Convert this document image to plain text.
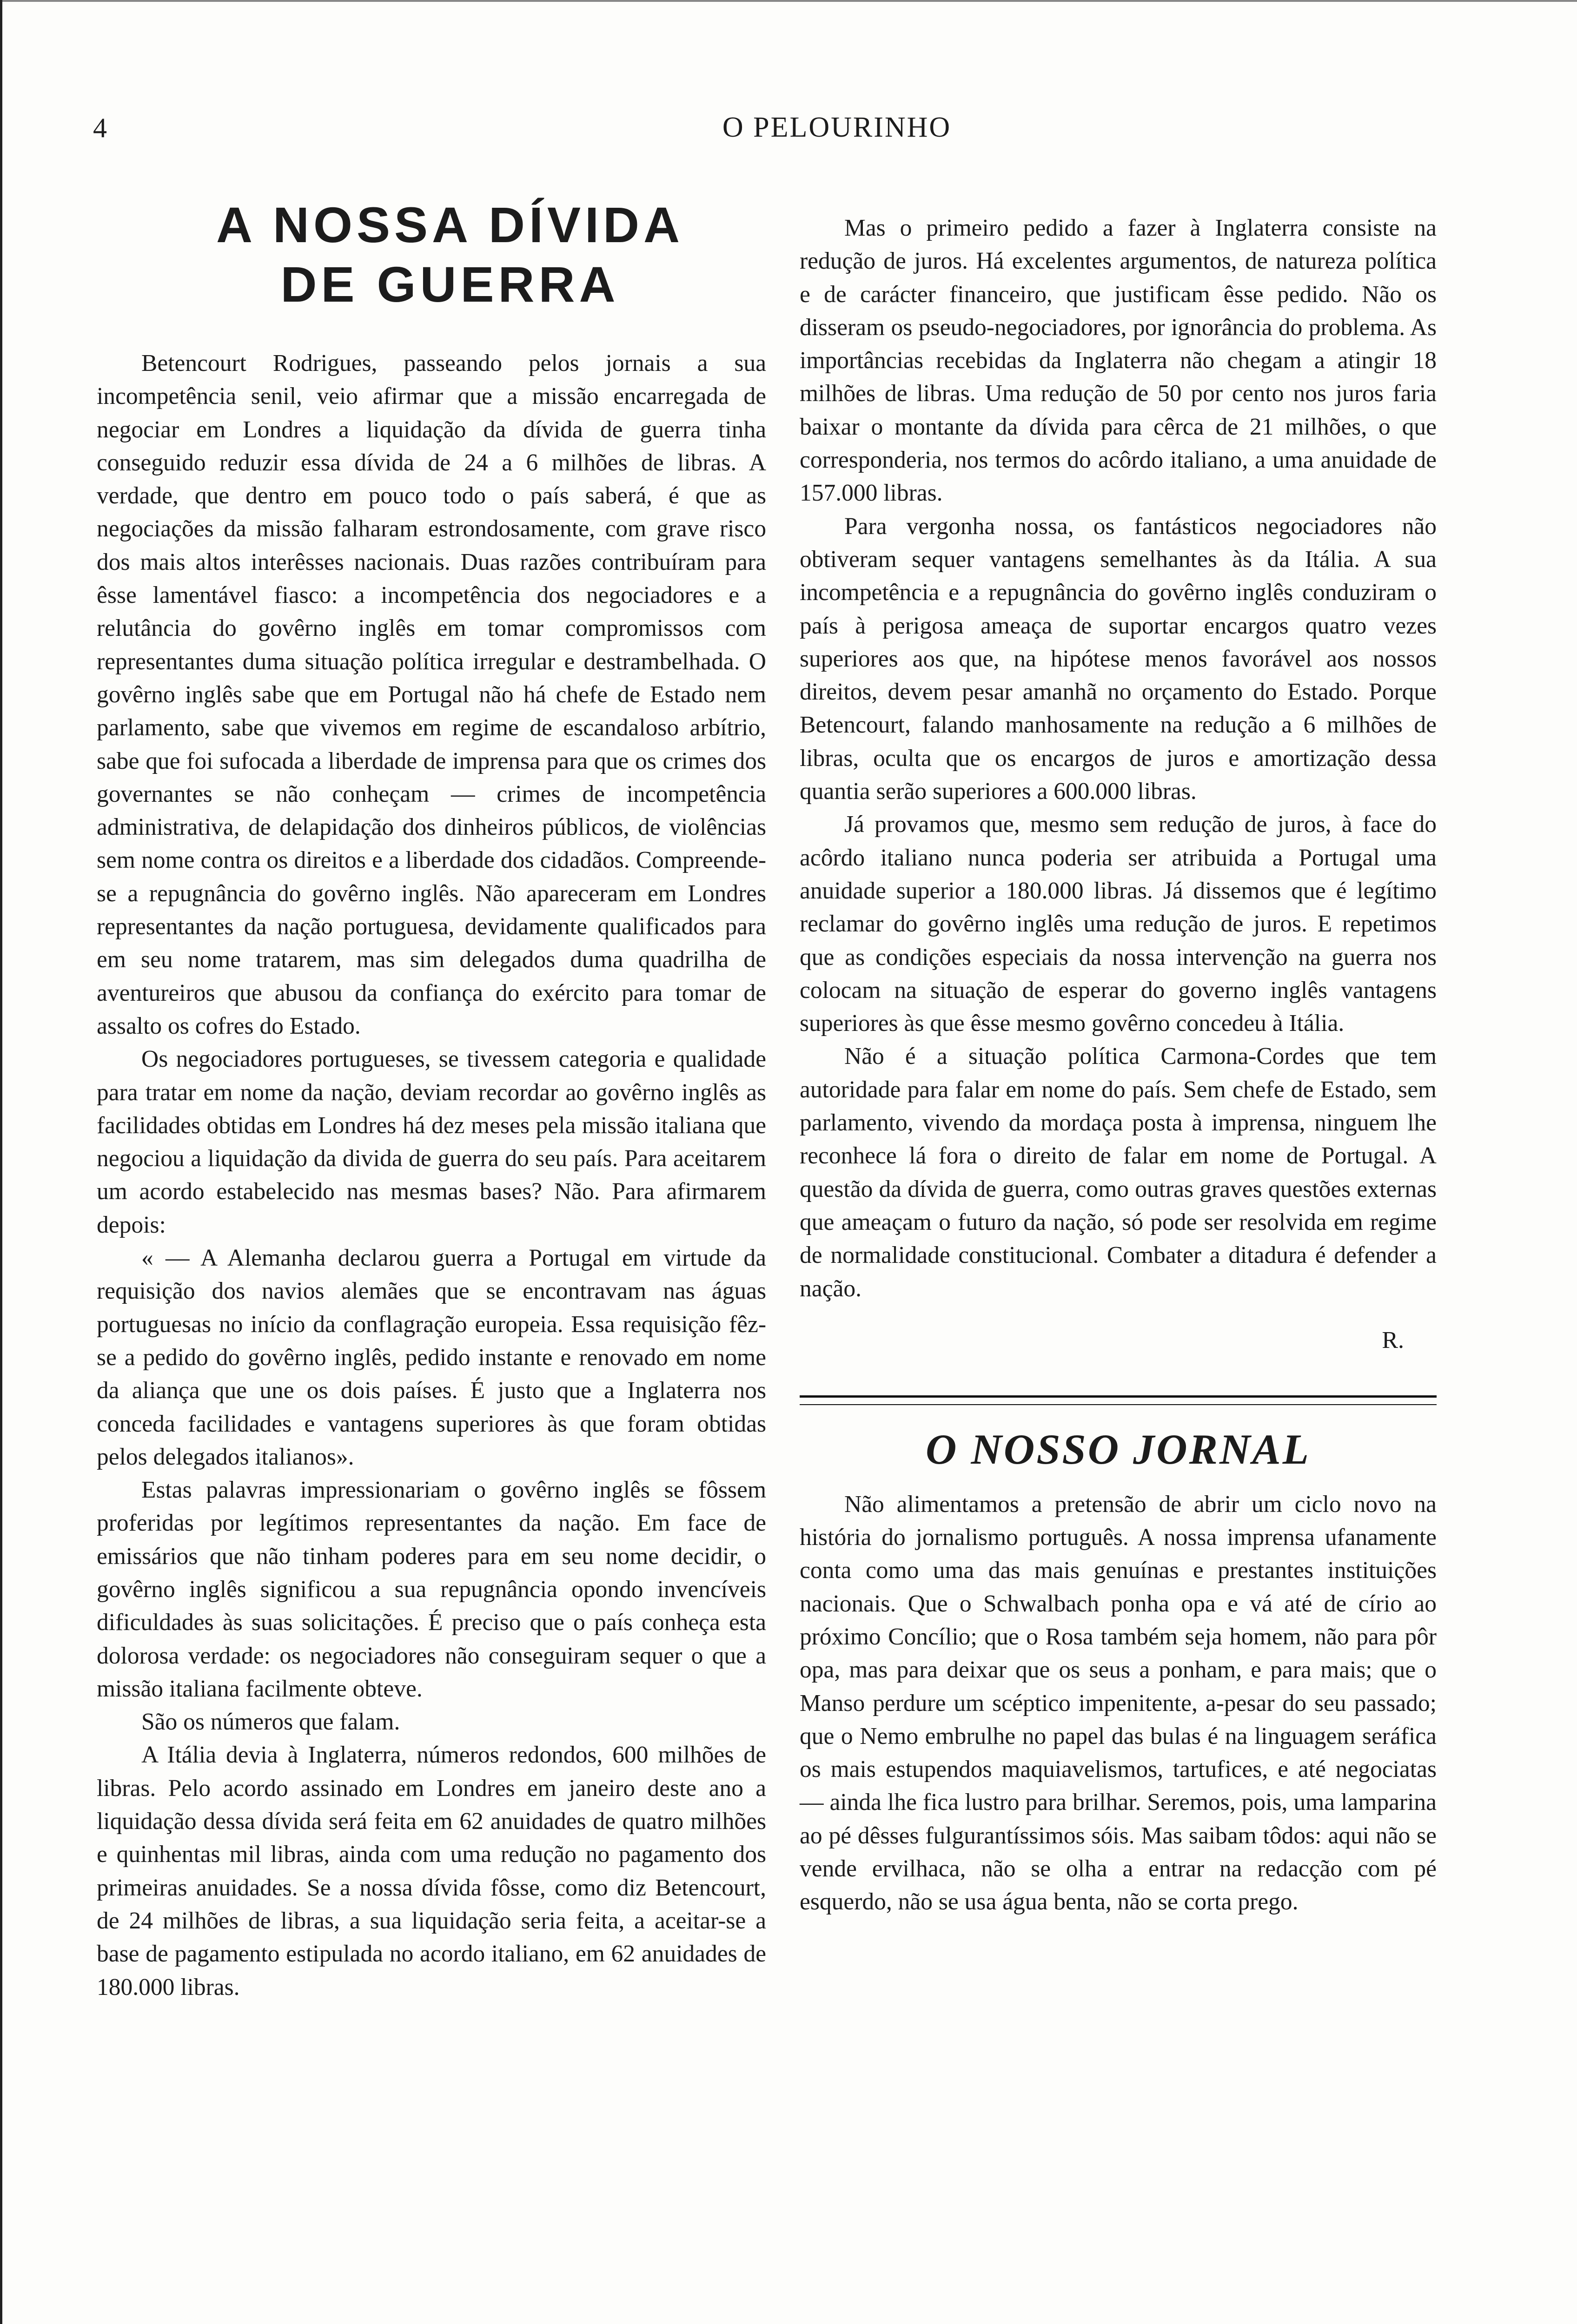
4	O PELOURINHO
A NOSSA DÍVIDA
DE GUERRA

Betencourt Rodrigues, passeando pelos jornais a sua incompetência senil, veio afirmar que a missão encarregada de negociar em Londres a liquidação da dívida de guerra tinha conseguido reduzir essa dívida de 24 a 6 milhões de libras. A verdade, que dentro em pouco todo o país saberá, é que as negociações da missão falharam estrondosamente, com grave risco dos mais altos interêsses nacionais. Duas razões contribuíram para êsse lamentável fiasco: a incompetência dos negociadores e a relutância do govêrno inglês em tomar compromissos com representantes duma situação política irregular e destrambelhada. O govêrno inglês sabe que em Portugal não há chefe de Estado nem parlamento, sabe que vivemos em regime de escandaloso arbítrio, sabe que foi sufocada a liberdade de imprensa para que os crimes dos governantes se não conheçam — crimes de incompetência administrativa, de delapidação dos dinheiros públicos, de violências sem nome contra os direitos e a liberdade dos cidadãos. Compreende-se a repugnância do govêrno inglês. Não apareceram em Londres representantes da nação portuguesa, devidamente qualificados para em seu nome tratarem, mas sim delegados duma quadrilha de aventureiros que abusou da confiança do exército para tomar de assalto os cofres do Estado.

Os negociadores portugueses, se tivessem categoria e qualidade para tratar em nome da nação, deviam recordar ao govêrno inglês as facilidades obtidas em Londres há dez meses pela missão italiana que negociou a liquidação da divida de guerra do seu país. Para aceitarem um acordo estabelecido nas mesmas bases? Não. Para afirmarem depois:

« — A Alemanha declarou guerra a Portugal em virtude da requisição dos navios alemães que se encontravam nas águas portuguesas no início da conflagração europeia. Essa requisição fêz-se a pedido do govêrno inglês, pedido instante e renovado em nome da aliança que une os dois países. É justo que a Inglaterra nos conceda facilidades e vantagens superiores às que foram obtidas pelos delegados italianos».

Estas palavras impressionariam o govêrno inglês se fôssem proferidas por legítimos representantes da nação. Em face de emissários que não tinham poderes para em seu nome decidir, o govêrno inglês significou a sua repugnância opondo invencíveis dificuldades às suas solicitações. É preciso que o país conheça esta dolorosa verdade: os negociadores não conseguiram sequer o que a missão italiana facilmente obteve.

São os números que falam.

A Itália devia à Inglaterra, números redondos, 600 milhões de libras. Pelo acordo assinado em Londres em janeiro deste ano a liquidação dessa dívida será feita em 62 anuidades de quatro milhões e quinhentas mil libras, ainda com uma redução no pagamento dos primeiras anuidades. Se a nossa dívida fôsse, como diz Betencourt, de 24 milhões de libras, a sua liquidação seria feita, a aceitar-se a base de pagamento estipulada no acordo italiano, em 62 anuidades de 180.000 libras.

Mas o primeiro pedido a fazer à Inglaterra consiste na redução de juros. Há excelentes argumentos, de natureza política e de carácter financeiro, que justificam êsse pedido. Não os disseram os pseudo-negociadores, por ignorância do problema. As importâncias recebidas da Inglaterra não chegam a atingir 18 milhões de libras. Uma redução de 50 por cento nos juros faria baixar o montante da dívida para cêrca de 21 milhões, o que corresponderia, nos termos do acôrdo italiano, a uma anuidade de 157.000 libras.

Para vergonha nossa, os fantásticos negociadores não obtiveram sequer vantagens semelhantes às da Itália. A sua incompetência e a repugnância do govêrno inglês conduziram o país à perigosa ameaça de suportar encargos quatro vezes superiores aos que, na hipótese menos favorável aos nossos direitos, devem pesar amanhã no orçamento do Estado. Porque Betencourt, falando manhosamente na redução a 6 milhões de libras, oculta que os encargos de juros e amortização dessa quantia serão superiores a 600.000 libras.

Já provamos que, mesmo sem redução de juros, à face do acôrdo italiano nunca poderia ser atribuida a Portugal uma anuidade superior a 180.000 libras. Já dissemos que é legítimo reclamar do govêrno inglês uma redução de juros. E repetimos que as condições especiais da nossa intervenção na guerra nos colocam na situação de esperar do governo inglês vantagens superiores às que êsse mesmo govêrno concedeu à Itália.

Não é a situação política Carmona-Cordes que tem autoridade para falar em nome do país. Sem chefe de Estado, sem parlamento, vivendo da mordaça posta à imprensa, ninguem lhe reconhece lá fora o direito de falar em nome de Portugal. A questão da dívida de guerra, como outras graves questões externas que ameaçam o futuro da nação, só pode ser resolvida em regime de normalidade constitucional. Combater a ditadura é defender a nação.

R.
O NOSSO JORNAL

Não alimentamos a pretensão de abrir um ciclo novo na história do jornalismo português. A nossa imprensa ufanamente conta como uma das mais genuínas e prestantes instituições nacionais. Que o Schwalbach ponha opa e vá até de círio ao próximo Concílio; que o Rosa também seja homem, não para pôr opa, mas para deixar que os seus a ponham, e para mais; que o Manso perdure um scéptico impenitente, a-pesar do seu passado; que o Nemo embrulhe no papel das bulas é na linguagem seráfica os mais estupendos maquiavelismos, tartufices, e até negociatas — ainda lhe fica lustro para brilhar. Seremos, pois, uma lamparina ao pé dêsses fulgurantíssimos sóis. Mas saibam tôdos: aqui não se vende ervilhaca, não se olha a entrar na redacção com pé esquerdo, não se usa água benta, não se corta prego.
